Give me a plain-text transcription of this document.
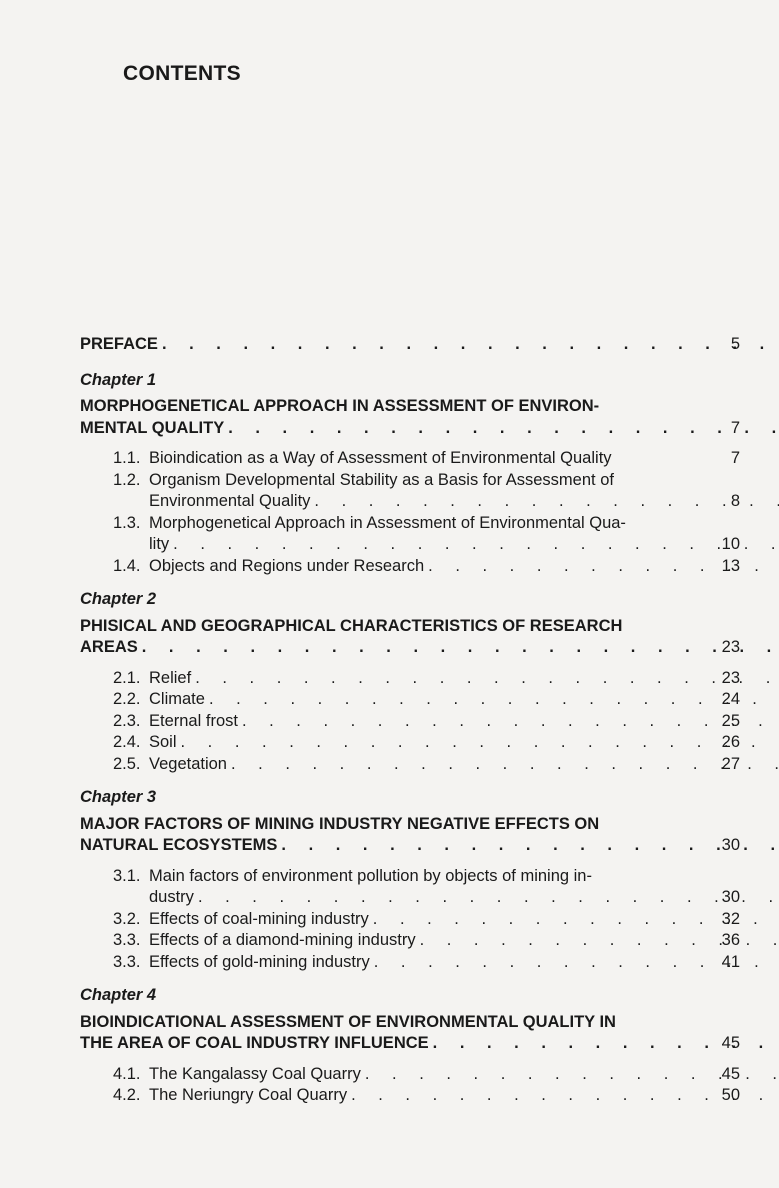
CONTENTS
PREFACE . . .	5
Chapter 1
MORPHOGENETICAL APPROACH IN ASSESSMENT OF ENVIRON-
MENTAL QUALITY . . .	7
1.1. Bioindication as a Way of Assessment of Environmental Quality	7
1.2. Organism Developmental Stability as a Basis for Assessment of
Environmental Quality . . .	8
1.3. Morphogenetical Approach in Assessment of Environmental Qua-
lity . . .	10
1.4. Objects and Regions under Research . . .	13
Chapter 2
PHISICAL AND GEOGRAPHICAL CHARACTERISTICS OF RESEARCH
AREAS . . .	23
2.1. Relief . . .	23
2.2. Climate . . .	24
2.3. Eternal frost . . .	25
2.4. Soil . . .	26
2.5. Vegetation . . .	27
Chapter 3
MAJOR FACTORS OF MINING INDUSTRY NEGATIVE EFFECTS ON
NATURAL ECOSYSTEMS . . .	30
3.1. Main factors of environment pollution by objects of mining in-
dustry . . .	30
3.2. Effects of coal-mining industry . . .	32
3.3. Effects of a diamond-mining industry . . .	36
3.3. Effects of gold-mining industry . . .	41
Chapter 4
BIOINDICATIONAL ASSESSMENT OF ENVIRONMENTAL QUALITY IN
THE AREA OF COAL INDUSTRY INFLUENCE . . .	45
4.1. The Kangalassy Coal Quarry . . .	45
4.2. The Neriungry Coal Quarry . . .	50
